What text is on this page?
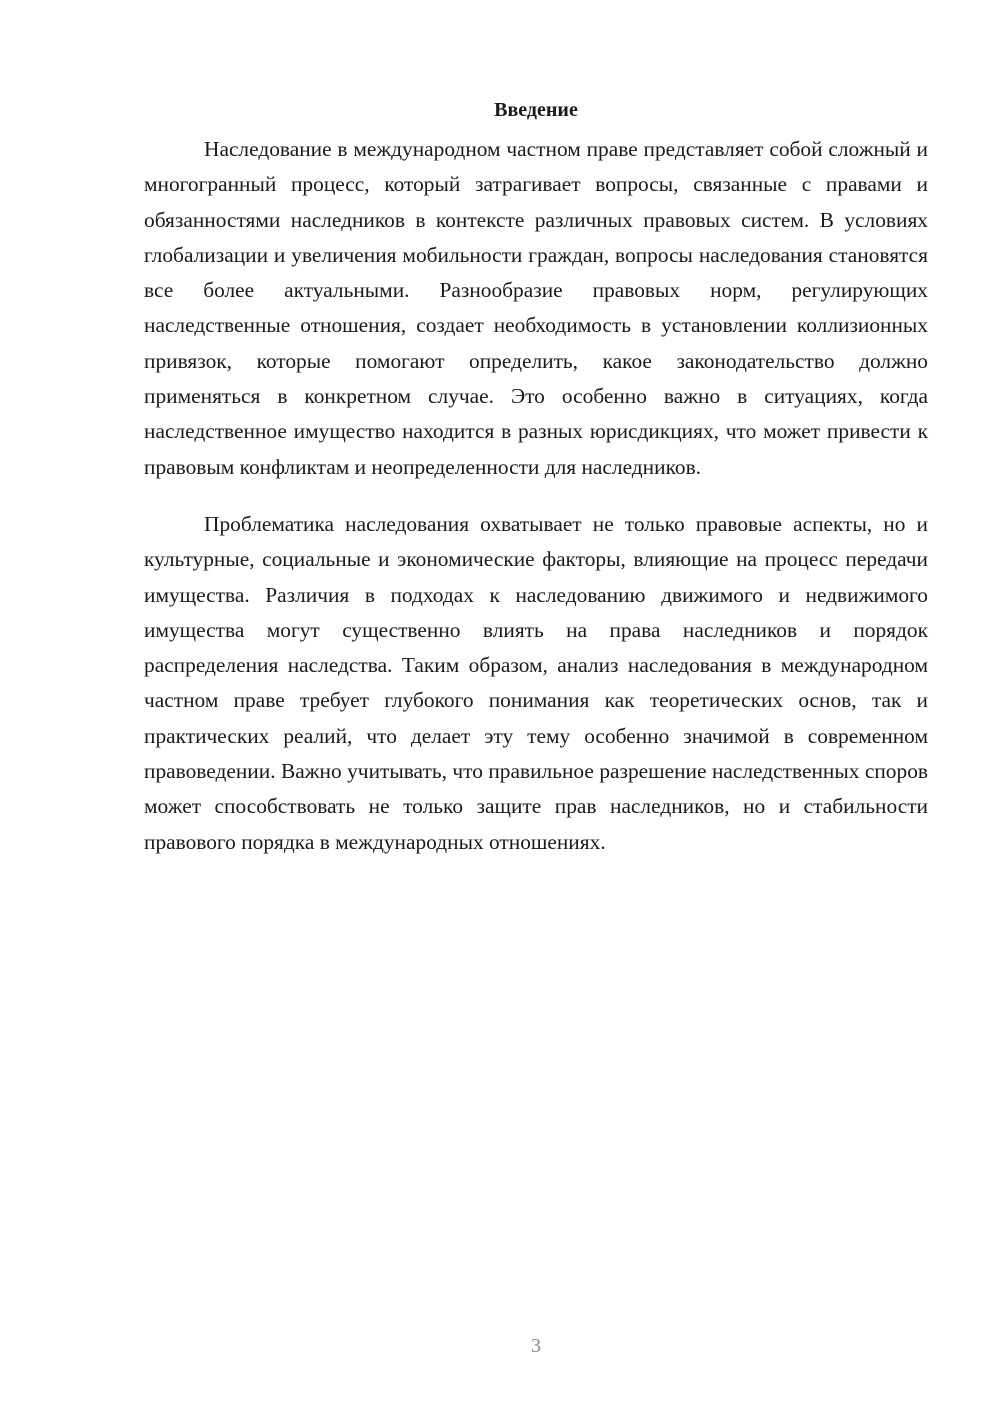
Введение

Наследование в международном частном праве представляет собой сложный и многогранный процесс, который затрагивает вопросы, связанные с правами и обязанностями наследников в контексте различных правовых систем. В условиях глобализации и увеличения мобильности граждан, вопросы наследования становятся все более актуальными. Разнообразие правовых норм, регулирующих наследственные отношения, создает необходимость в установлении коллизионных привязок, которые помогают определить, какое законодательство должно применяться в конкретном случае. Это особенно важно в ситуациях, когда наследственное имущество находится в разных юрисдикциях, что может привести к правовым конфликтам и неопределенности для наследников.

Проблематика наследования охватывает не только правовые аспекты, но и культурные, социальные и экономические факторы, влияющие на процесс передачи имущества. Различия в подходах к наследованию движимого и недвижимого имущества могут существенно влиять на права наследников и порядок распределения наследства. Таким образом, анализ наследования в международном частном праве требует глубокого понимания как теоретических основ, так и практических реалий, что делает эту тему особенно значимой в современном правоведении. Важно учитывать, что правильное разрешение наследственных споров может способствовать не только защите прав наследников, но и стабильности правового порядка в международных отношениях.

3
